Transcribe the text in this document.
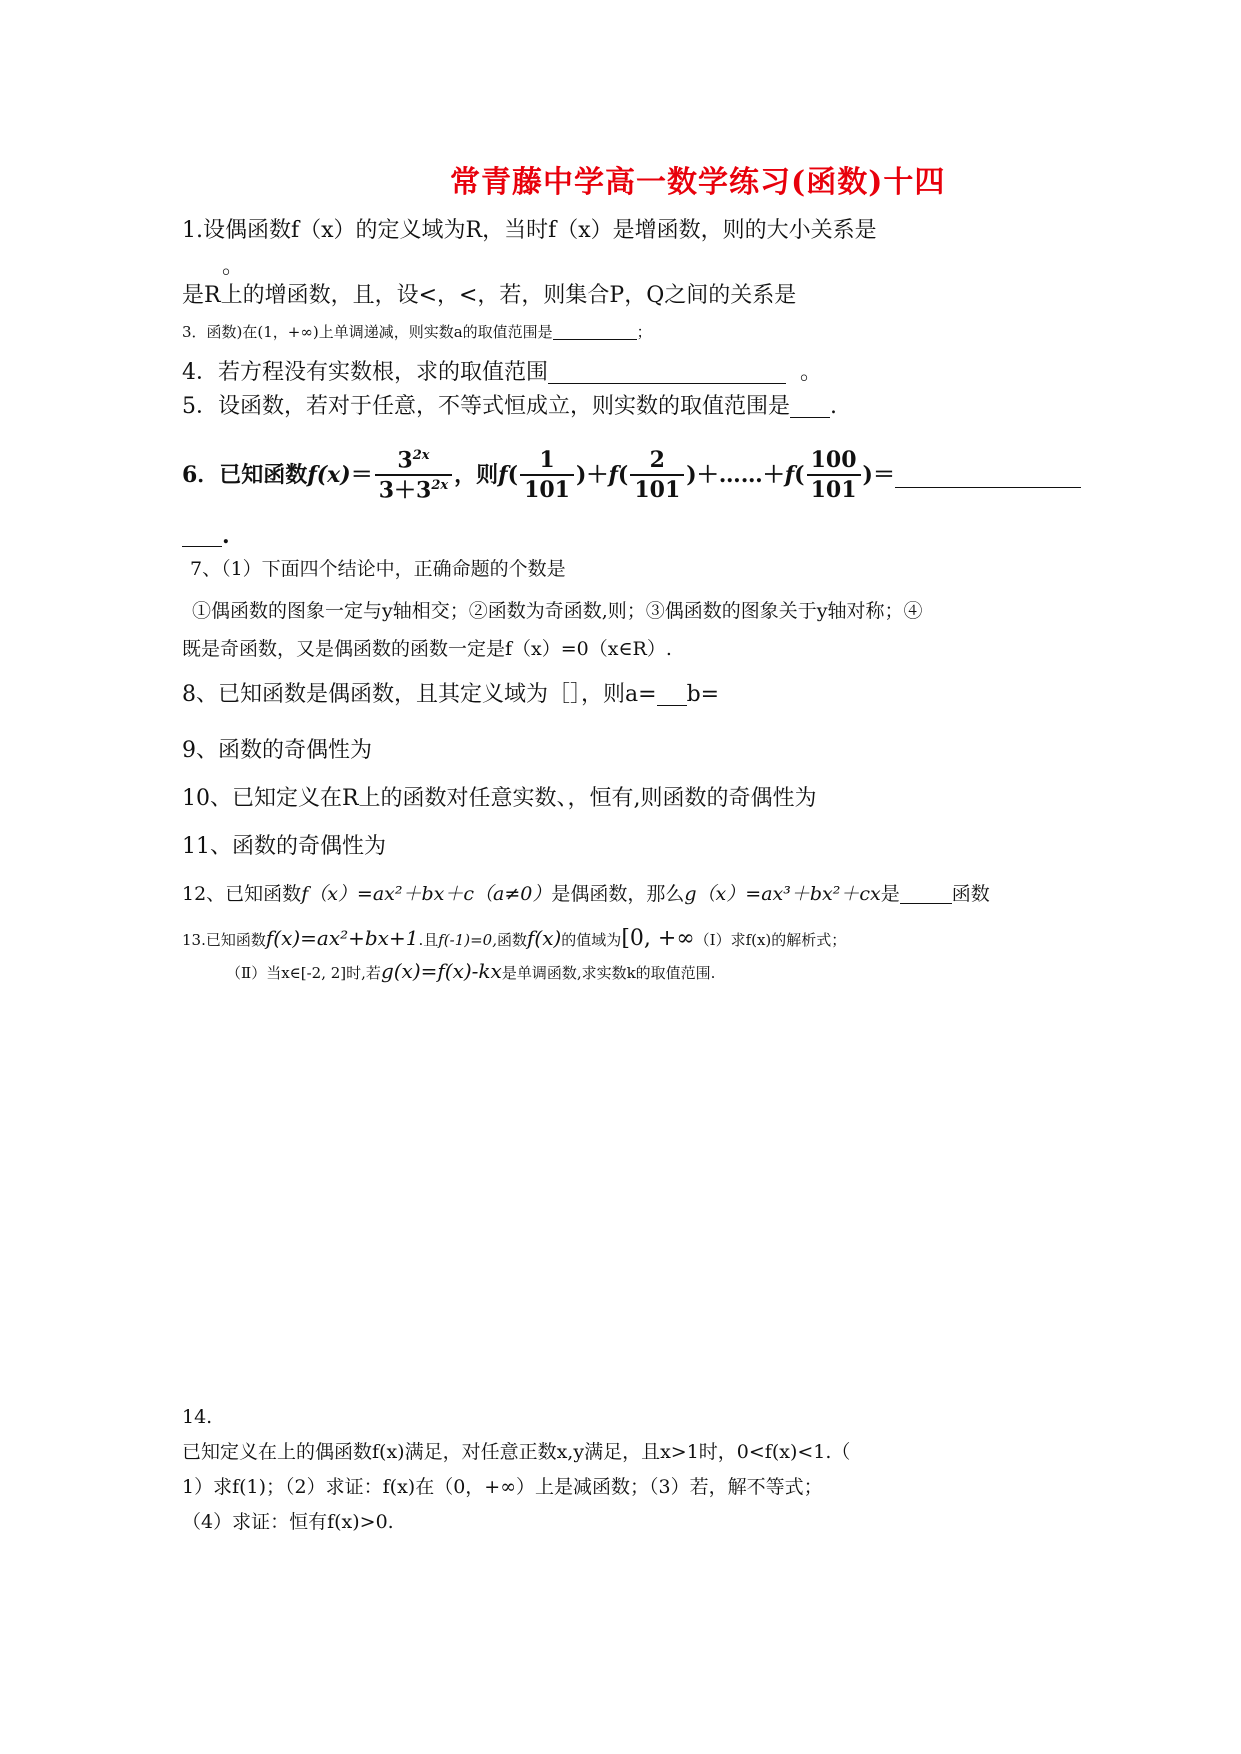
常青藤中学高一数学练习(函数)十四
1.设偶函数f（x）的定义域为R，当时f（x）是增函数，则的大小关系是
。
是R上的增函数，且，设<，<，若，则集合P，Q之间的关系是
3．函数)在(1，+∞)上单调递减，则实数a的取值范围是	；
4．若方程没有实数根，求的取值范围	。
5．设函数，若对于任意，不等式恒成立，则实数的取值范围是 .
6．已知函数 $f(x) = \frac{3^{2x}}{3+3^{2x}}$ ，则 f ( $\frac{1}{101}$ ) ＋ f ( $\frac{2}{101}$ ) ＋……＋ f ( $\frac{100}{101}$ ) ＝
.
7、（1）下面四个结论中，正确命题的个数是
①偶函数的图象一定与y轴相交；②函数为奇函数,则；③偶函数的图象关于y轴对称；④
既是奇函数，又是偶函数的函数一定是f（x）=0（x∈R）.
8、已知函数是偶函数，且其定义域为［］，则a= b=
9、函数的奇偶性为
10、已知定义在R上的函数对任意实数、，恒有,则函数的奇偶性为
11、函数的奇偶性为
12、已知函数f（x）=ax²＋bx＋c（a≠0）是偶函数，那么g（x）=ax³＋bx²＋cx是	函数
13.已知函数f(x)=ax²+bx+1.且f(-1)=0,函数f(x)的值域为[0, +∞（Ⅰ）求f(x)的解析式；
（Ⅱ）当x∈[-2, 2]时,若g(x)=f(x)-kx是单调函数,求实数k的取值范围.
14.
已知定义在上的偶函数f(x)满足，对任意正数x,y满足，且x>1时，0<f(x)<1.（
1）求f(1)；（2）求证：f(x)在（0，+∞）上是减函数；（3）若，解不等式；
（4）求证：恒有f(x)>0.
